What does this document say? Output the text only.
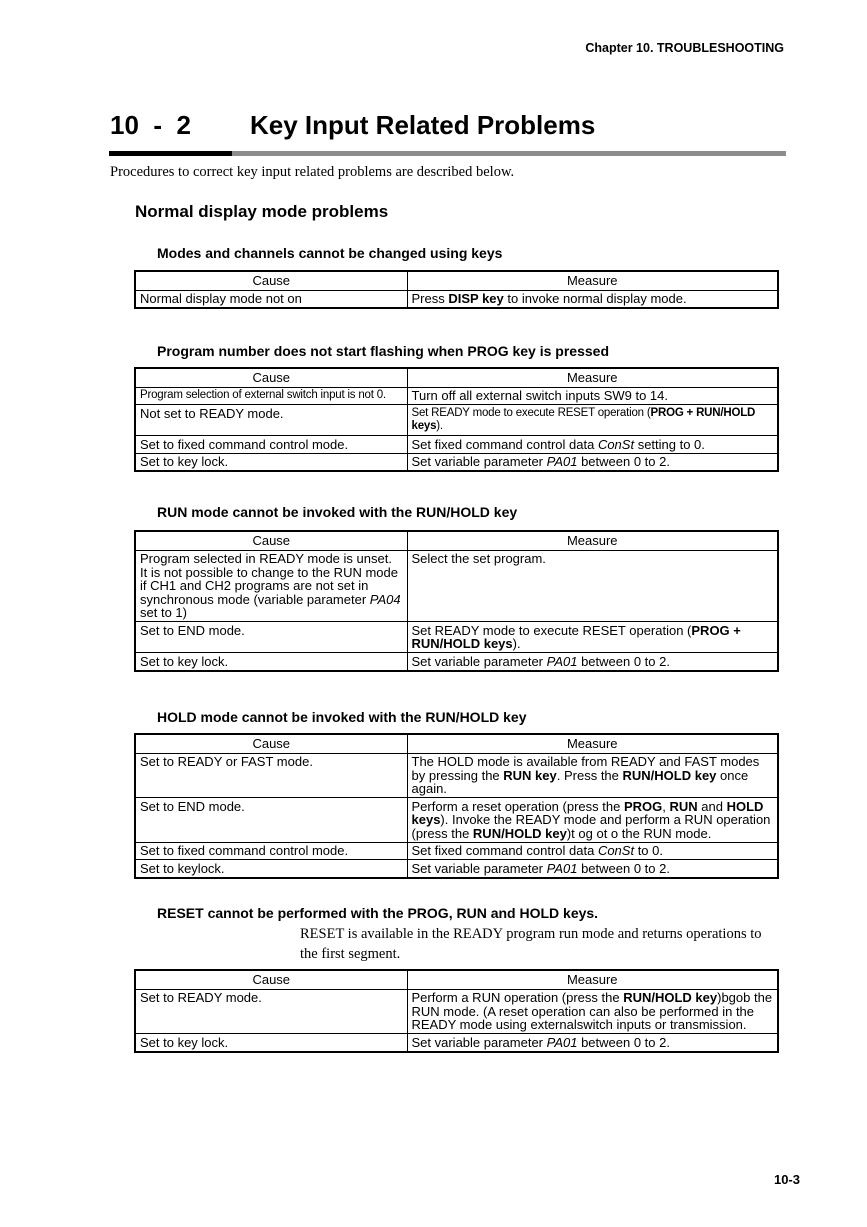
Chapter 10. TROUBLESHOOTING
10  -  2 Key Input Related Problems
Procedures to correct key input related problems are described below.
Normal display mode problems
Modes and channels cannot be changed using keys
Cause	Measure
Normal display mode not on	Press DISP key to invoke normal display mode.
Program number does not start flashing when PROG key is pressed
Cause	Measure
Program selection of external switch input is not 0.	Turn off all external switch inputs SW9 to 14.
Not set to READY mode.	Set READY mode to execute RESET operation (PROG + RUN/HOLD keys).
Set to fixed command control mode.	Set fixed command control data ConSt setting to 0.
Set to key lock.	Set variable parameter PA01 between 0 to 2.
RUN mode cannot be invoked with the RUN/HOLD key
Cause	Measure
Program selected in READY mode is unset. It is not possible to change to the RUN mode if CH1 and CH2 programs are not set in synchronous mode (variable parameter PA04 set to 1)	Select the set program.
Set to END mode.	Set READY mode to execute RESET operation (PROG + RUN/HOLD keys).
Set to key lock.	Set variable parameter PA01 between 0 to 2.
HOLD mode cannot be invoked with the RUN/HOLD key
Cause	Measure
Set to READY or FAST mode.	The HOLD mode is available from READY and FAST modes by pressing the RUN key. Press the RUN/HOLD key once again.
Set to END mode.	Perform a reset operation (press the PROG, RUN and HOLD keys). Invoke the READY mode and perform a RUN operation (press the RUN/HOLD key)t og ot o the RUN mode.
Set to fixed command control mode.	Set fixed command control data ConSt to 0.
Set to keylock.	Set variable parameter PA01 between 0 to 2.
RESET cannot be performed with the PROG, RUN and HOLD keys.
RESET is available in the READY program run mode and returns operations to the first segment.
Cause	Measure
Set to READY mode.	Perform a RUN operation (press the RUN/HOLD key)bgob the RUN mode. (A reset operation can also be performed in the READY mode using externalswitch inputs or transmission.
Set to key lock.	Set variable parameter PA01 between 0 to 2.
10-3
